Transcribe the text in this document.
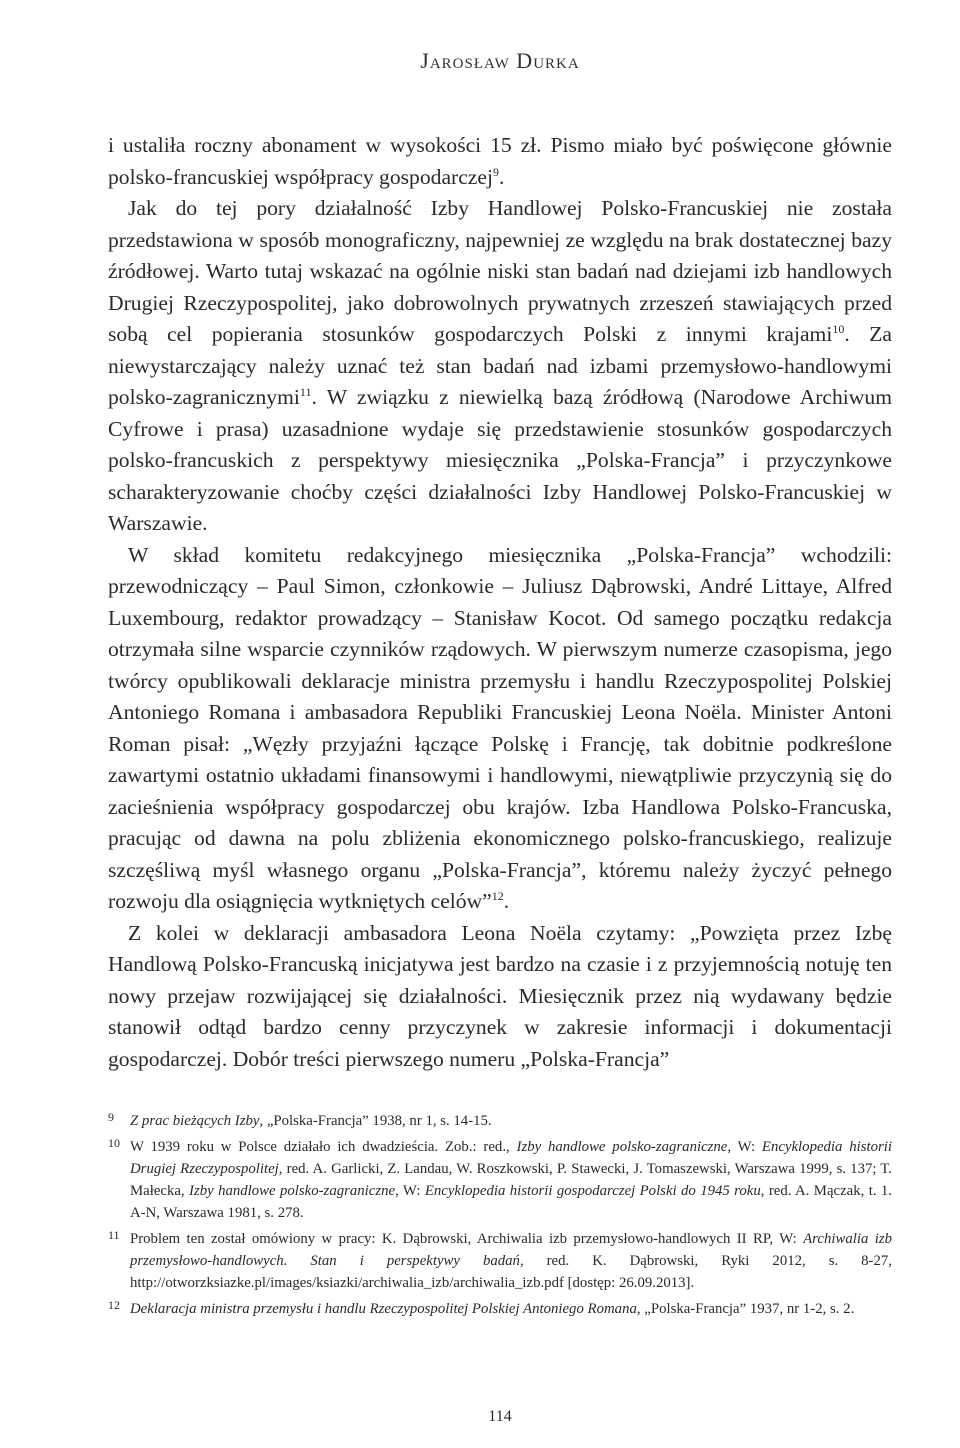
Jarosław Durka

i ustaliła roczny abonament w wysokości 15 zł. Pismo miało być poświęcone głównie polsko-francuskiej współpracy gospodarczej$^9$.

Jak do tej pory działalność Izby Handlowej Polsko-Francuskiej nie została przedstawiona w sposób monograficzny, najpewniej ze względu na brak dostatecznej bazy źródłowej. Warto tutaj wskazać na ogólnie niski stan badań nad dziejami izb handlowych Drugiej Rzeczypospolitej, jako dobrowolnych prywatnych zrzeszeń stawiających przed sobą cel popierania stosunków gospodarczych Polski z innymi krajami$^{10}$. Za niewystarczający należy uznać też stan badań nad izbami przemysłowo-handlowymi polsko-zagranicznymi$^{11}$. W związku z niewielką bazą źródłową (Narodowe Archiwum Cyfrowe i prasa) uzasadnione wydaje się przedstawienie stosunków gospodarczych polsko-francuskich z perspektywy miesięcznika „Polska-Francja” i przyczynkowe scharakteryzowanie choćby części działalności Izby Handlowej Polsko-Francuskiej w Warszawie.

W skład komitetu redakcyjnego miesięcznika „Polska-Francja” wchodzili: przewodniczący – Paul Simon, członkowie – Juliusz Dąbrowski, André Littaye, Alfred Luxembourg, redaktor prowadzący – Stanisław Kocot. Od samego początku redakcja otrzymała silne wsparcie czynników rządowych. W pierwszym numerze czasopisma, jego twórcy opublikowali deklaracje ministra przemysłu i handlu Rzeczypospolitej Polskiej Antoniego Romana i ambasadora Republiki Francuskiej Leona Noëla. Minister Antoni Roman pisał: „Węzły przyjaźni łączące Polskę i Francję, tak dobitnie podkreślone zawartymi ostatnio układami finansowymi i handlowymi, niewątpliwie przyczynią się do zacieśnienia współpracy gospodarczej obu krajów. Izba Handlowa Polsko-Francuska, pracując od dawna na polu zbliżenia ekonomicznego polsko-francuskiego, realizuje szczęśliwą myśl własnego organu „Polska-Francja”, któremu należy życzyć pełnego rozwoju dla osiągnięcia wytkniętych celów”$^{12}$.

Z kolei w deklaracji ambasadora Leona Noëla czytamy: „Powzięta przez Izbę Handlową Polsko-Francuską inicjatywa jest bardzo na czasie i z przyjemnością notuję ten nowy przejaw rozwijającej się działalności. Miesięcznik przez nią wydawany będzie stanowił odtąd bardzo cenny przyczynek w zakresie informacji i dokumentacji gospodarczej. Dobór treści pierwszego numeru „Polska-Francja”

9 Z prac bieżących Izby, „Polska-Francja” 1938, nr 1, s. 14-15.
10 W 1939 roku w Polsce działało ich dwadzieścia. Zob.: red., Izby handlowe polsko-zagraniczne, W: Encyklopedia historii Drugiej Rzeczypospolitej, red. A. Garlicki, Z. Landau, W. Roszkowski, P. Stawecki, J. Tomaszewski, Warszawa 1999, s. 137; T. Małecka, Izby handlowe polsko-zagraniczne, W: Encyklopedia historii gospodarczej Polski do 1945 roku, red. A. Mączak, t. 1. A-N, Warszawa 1981, s. 278.
11 Problem ten został omówiony w pracy: K. Dąbrowski, Archiwalia izb przemysłowo-handlowych II RP, W: Archiwalia izb przemysłowo-handlowych. Stan i perspektywy badań, red. K. Dąbrowski, Ryki 2012, s. 8-27, http://otworzksiazke.pl/images/ksiazki/archiwalia_izb/archiwalia_izb.pdf [dostęp: 26.09.2013].
12 Deklaracja ministra przemysłu i handlu Rzeczypospolitej Polskiej Antoniego Romana, „Polska-Francja” 1937, nr 1-2, s. 2.
114
